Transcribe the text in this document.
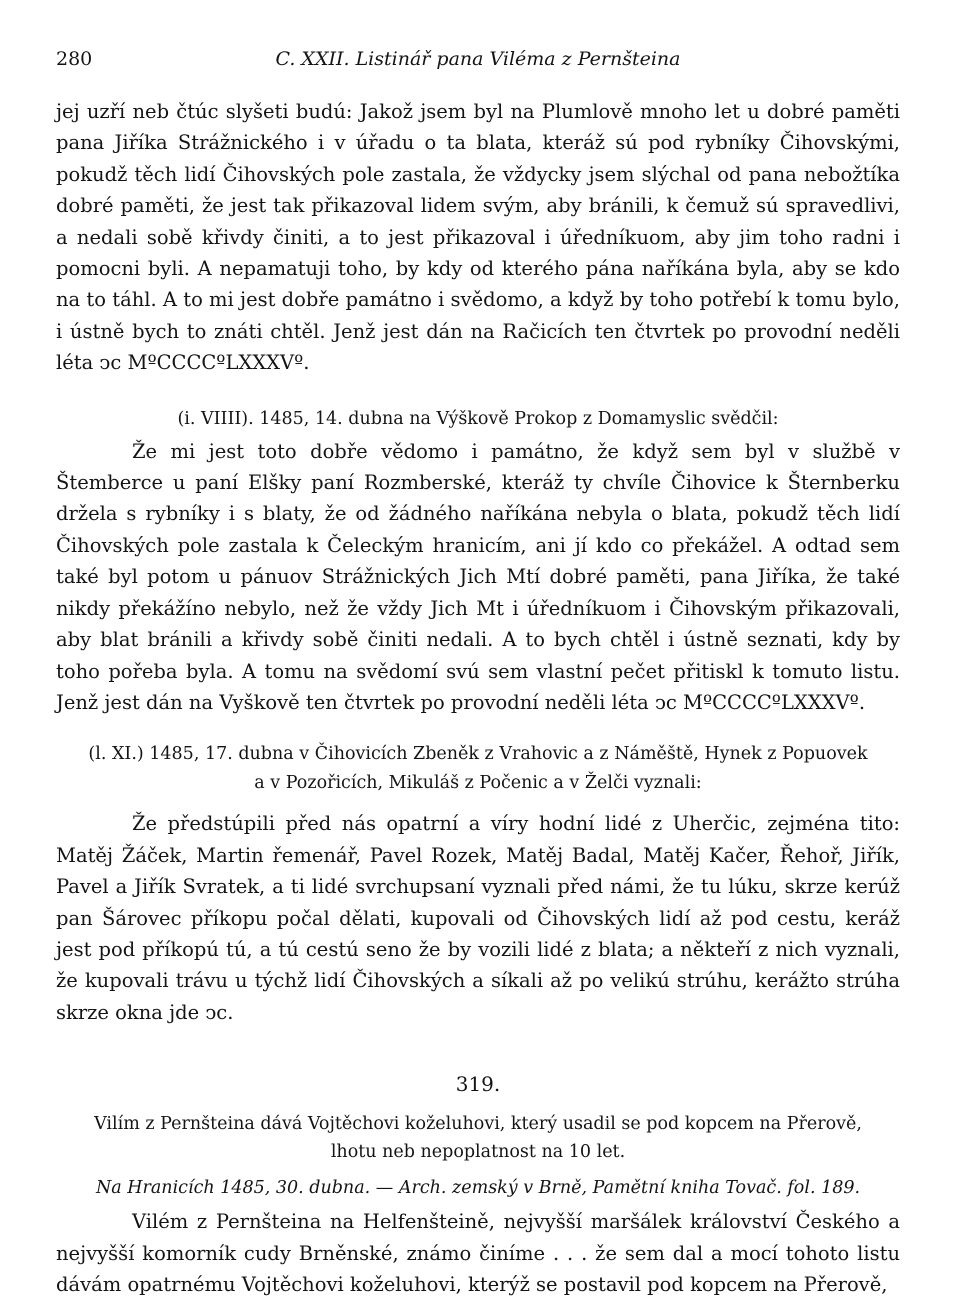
280	C. XXII. Listinář pana Viléma z Pernšteina

jej uzří neb čtúc slyšeti budú: Jakož jsem byl na Plumlově mnoho let u dobré paměti pana Jiříka Strážnického i v úřadu o ta blata, kteráž sú pod rybníky Čihovskými, pokudž těch lidí Čihovských pole zastala, že vždycky jsem slýchal od pana nebožtíka dobré paměti, že jest tak přikazoval lidem svým, aby bránili, k čemuž sú spravedlivi, a nedali sobě křivdy činiti, a to jest přikazoval i úředníkuom, aby jim toho radni i pomocni byli. A nepamatuji toho, by kdy od kterého pána naříkána byla, aby se kdo na to táhl. A to mi jest dobře památno i svědomo, a když by toho potřebí k tomu bylo, i ústně bych to znáti chtěl. Jenž jest dán na Račicích ten čtvrtek po provodní neděli léta ↄc MºCCCCºLXXXVº.

(i. VIIII). 1485, 14. dubna na Výškově Prokop z Domamyslic svědčil:

Že mi jest toto dobře vědomo i památno, že když sem byl v službě v Štemberce u paní Elšky paní Rozmberské, kteráž ty chvíle Čihovice k Šternberku držela s rybníky i s blaty, že od žádného naříkána nebyla o blata, pokudž těch lidí Čihovských pole zastala k Čeleckým hranicím, ani jí kdo co překážel. A odtad sem také byl potom u pánuov Strážnických Jich Mtí dobré paměti, pana Jiříka, že také nikdy překážíno nebylo, než že vždy Jich Mt i úředníkuom i Čihovským přikazovali, aby blat bránili a křivdy sobě činiti nedali. A to bych chtěl i ústně seznati, kdy by toho pořeba byla. A tomu na svědomí svú sem vlastní pečet přitiskl k tomuto listu. Jenž jest dán na Vyškově ten čtvrtek po provodní neděli léta ↄc MºCCCCºLXXXVº.

(l. XI.) 1485, 17. dubna v Čihovicích Zbeněk z Vrahovic a z Náměště, Hynek z Popuovek
a v Pozořicích, Mikuláš z Počenic a v Želči vyznali:

Že předstúpili před nás opatrní a víry hodní lidé z Uherčic, zejména tito: Matěj Žáček, Martin řemenář, Pavel Rozek, Matěj Badal, Matěj Kačer, Řehoř, Jiřík, Pavel a Jiřík Svratek, a ti lidé svrchupsaní vyznali před námi, že tu lúku, skrze kerúž pan Šárovec příkopu počal dělati, kupovali od Čihovských lidí až pod cestu, keráž jest pod příkopú tú, a tú cestú seno že by vozili lidé z blata; a někteří z nich vyznali, že kupovali trávu u týchž lidí Čihovských a síkali až po velikú strúhu, kerážto strúha skrze okna jde ↄc.

319.

Vilím z Pernšteina dává Vojtěchovi koželuhovi, který usadil se pod kopcem na Přerově,
lhotu neb nepoplatnost na 10 let.

Na Hranicích 1485, 30. dubna. — Arch. zemský v Brně, Pamětní kniha Tovač. fol. 189.

Vilém z Pernšteina na Helfenšteině, nejvyšší maršálek království Českého a nejvyšší komorník cudy Brněnské, známo činíme . . . že sem dal a mocí tohoto listu dávám opatrnému Vojtěchovi koželuhovi, kterýž se postavil pod kopcem na Přerově,
